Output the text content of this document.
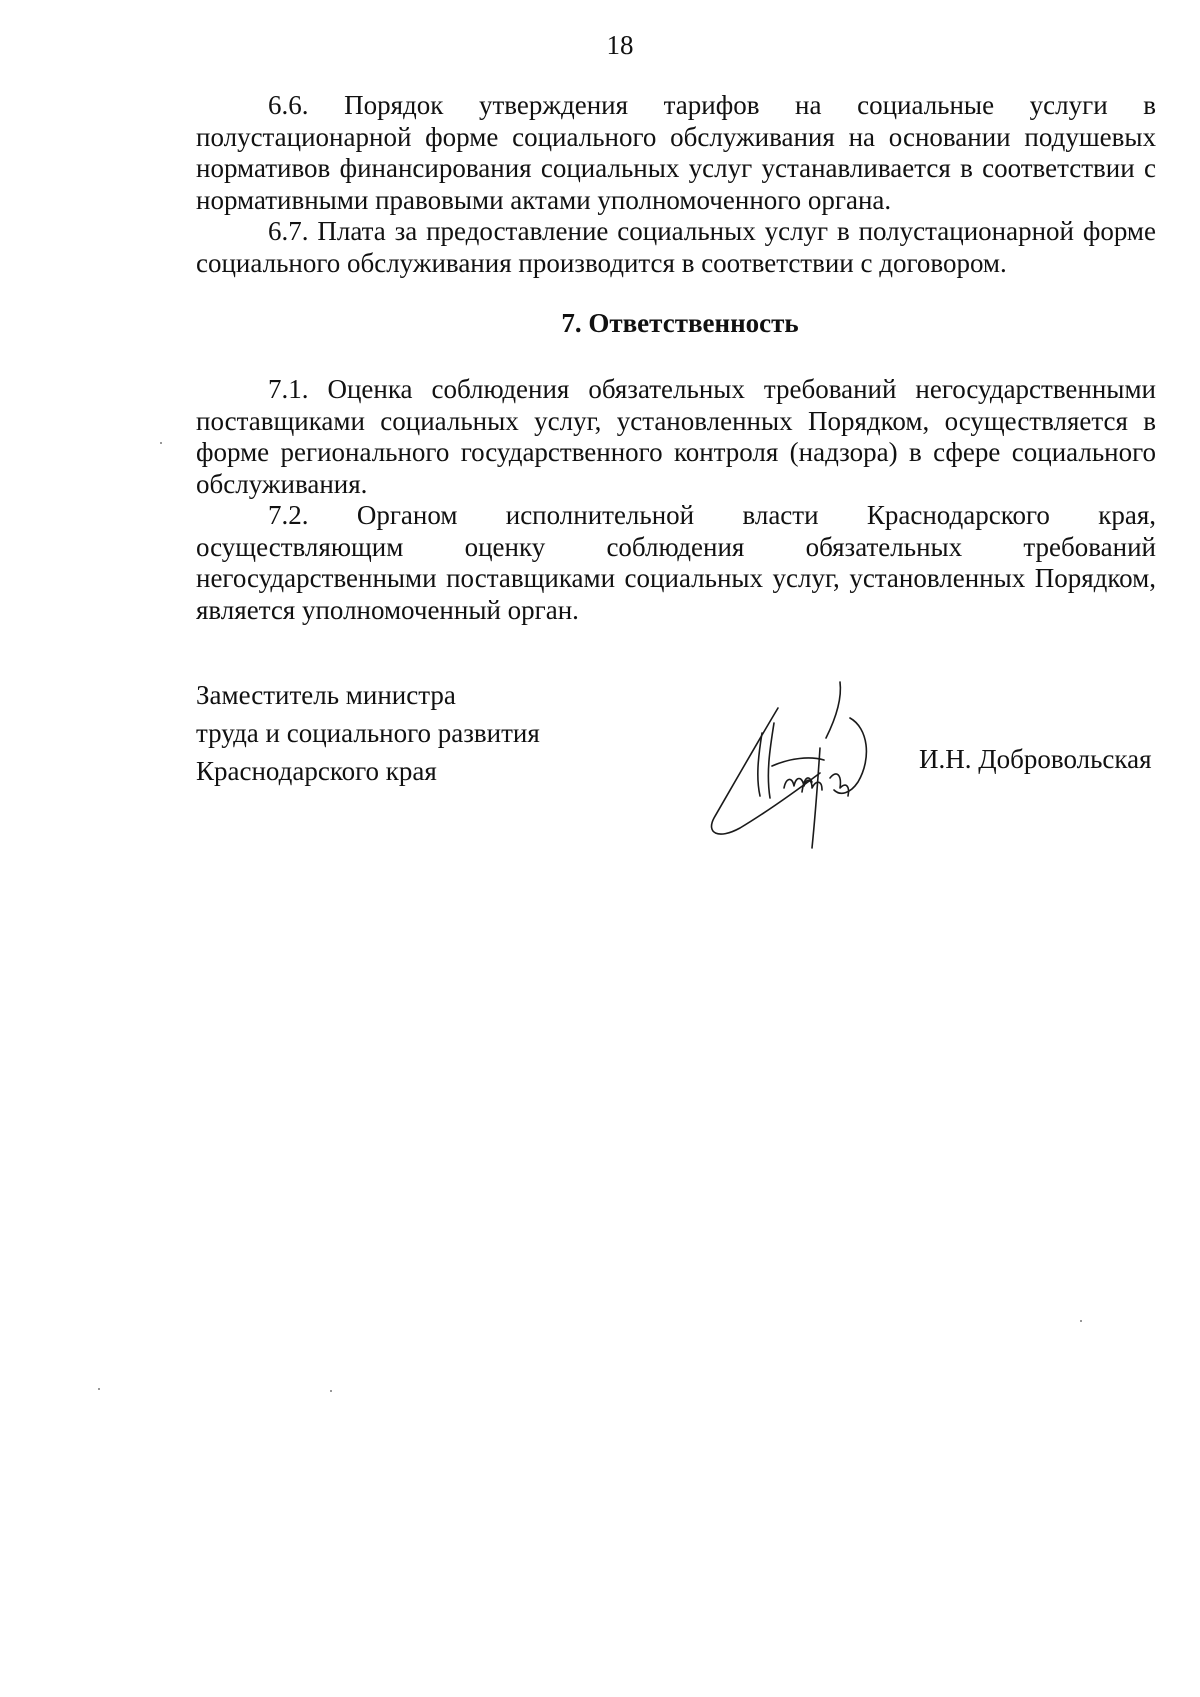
18

6.6. Порядок утверждения тарифов на социальные услуги в полустационарной форме социального обслуживания на основании подушевых нормативов финансирования социальных услуг устанавливается в соответствии с нормативными правовыми актами уполномоченного органа.

6.7. Плата за предоставление социальных услуг в полустационарной форме социального обслуживания производится в соответствии с договором.

7. Ответственность

7.1. Оценка соблюдения обязательных требований негосударственными поставщиками социальных услуг, установленных Порядком, осуществляется в форме регионального государственного контроля (надзора) в сфере социального обслуживания.

7.2. Органом исполнительной власти Краснодарского края, осуществляющим оценку соблюдения обязательных требований негосударственными поставщиками социальных услуг, установленных Порядком, является уполномоченный орган.

Заместитель министра
труда и социального развития
Краснодарского края	И.Н. Добровольская
